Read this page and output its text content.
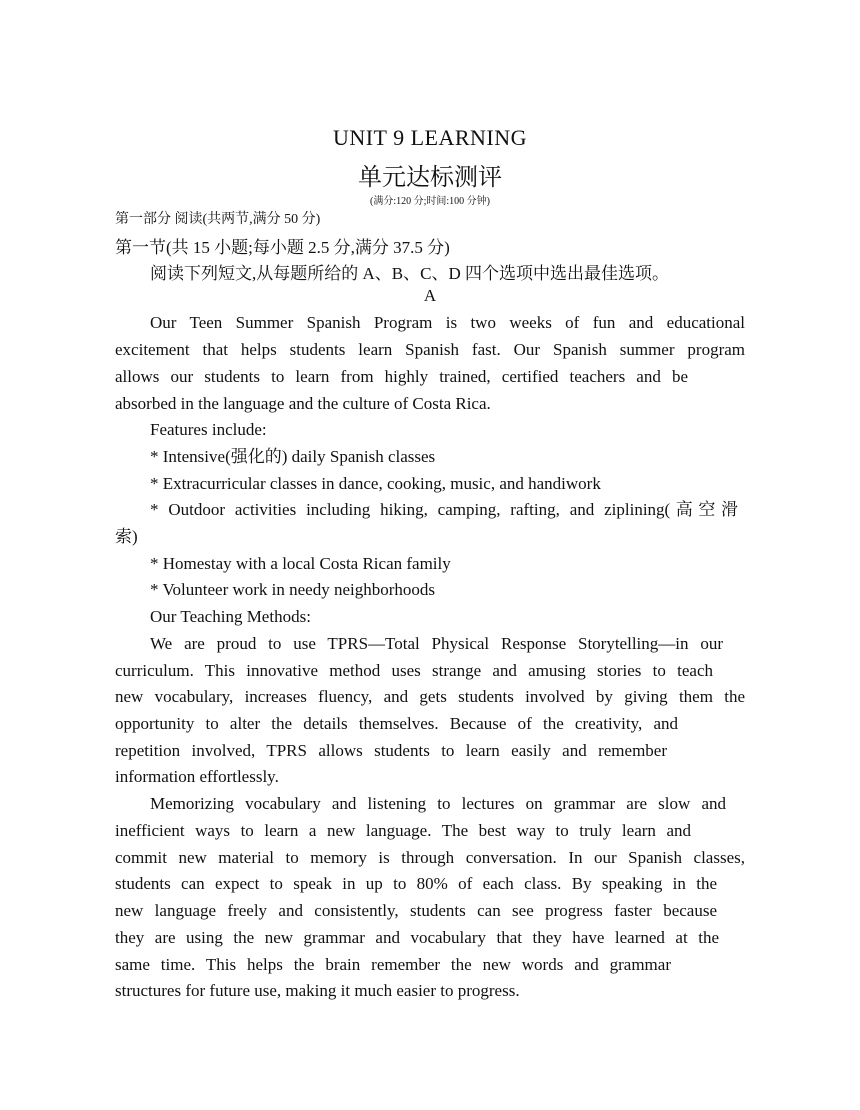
UNIT 9 LEARNING
单元达标测评
(满分:120 分;时间:100 分钟)
第一部分 阅读(共两节,满分 50 分)
第一节(共 15 小题;每小题 2.5 分,满分 37.5 分)
阅读下列短文,从每题所给的 A、B、C、D 四个选项中选出最佳选项。
A
Our Teen Summer Spanish Program is two weeks of fun and educational
excitement that helps students learn Spanish fast. Our Spanish summer program
allows our students to learn from highly trained, certified teachers and be
absorbed in the language and the culture of Costa Rica.
Features include:
* Intensive(强化的) daily Spanish classes
* Extracurricular classes in dance, cooking, music, and handiwork
* Outdoor activities including hiking, camping, rafting, and ziplining(高空滑
索)
* Homestay with a local Costa Rican family
* Volunteer work in needy neighborhoods
Our Teaching Methods:
We are proud to use TPRS—Total Physical Response Storytelling—in our
curriculum. This innovative method uses strange and amusing stories to teach
new vocabulary, increases fluency, and gets students involved by giving them the
opportunity to alter the details themselves. Because of the creativity, and
repetition involved, TPRS allows students to learn easily and remember
information effortlessly.
Memorizing vocabulary and listening to lectures on grammar are slow and
inefficient ways to learn a new language. The best way to truly learn and
commit new material to memory is through conversation. In our Spanish classes,
students can expect to speak in up to 80% of each class. By speaking in the
new language freely and consistently, students can see progress faster because
they are using the new grammar and vocabulary that they have learned at the
same time. This helps the brain remember the new words and grammar
structures for future use, making it much easier to progress.
